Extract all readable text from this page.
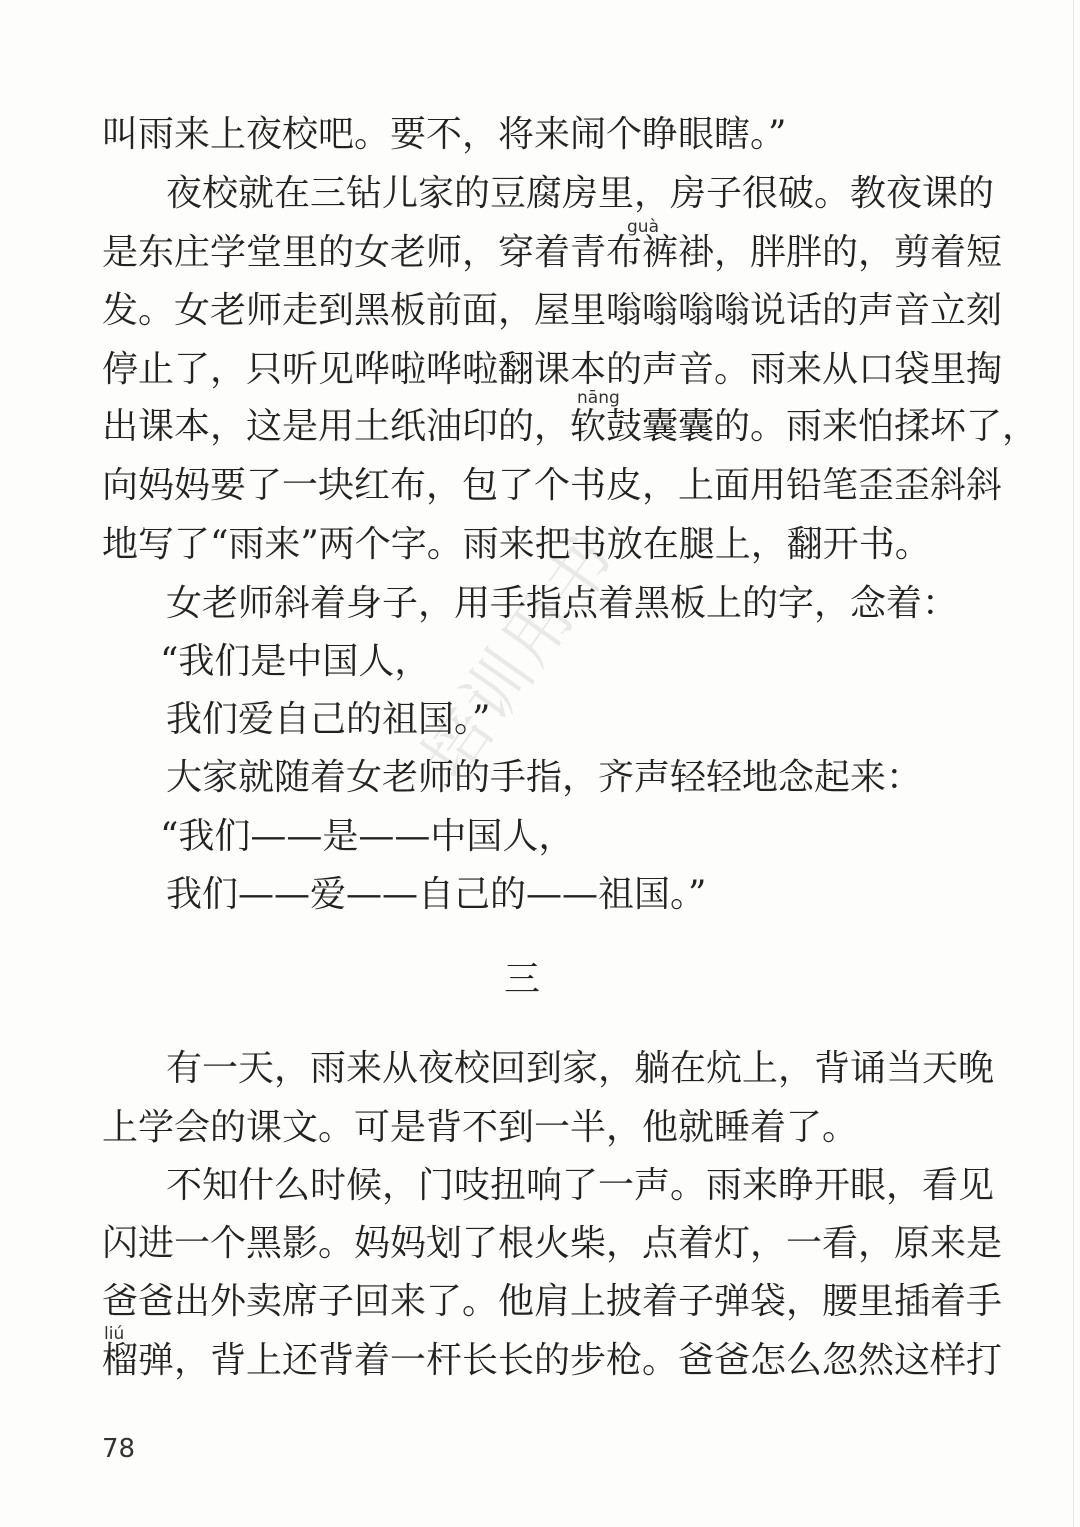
培训用书
guà
nāng
liú
叫雨来上夜校吧。要不，将来闹个睁眼瞎。”
夜校就在三钻儿家的豆腐房里，房子很破。教夜课的
是东庄学堂里的女老师，穿着青布裤褂，胖胖的，剪着短
发。女老师走到黑板前面，屋里嗡嗡嗡嗡说话的声音立刻
停止了，只听见哗啦哗啦翻课本的声音。雨来从口袋里掏
出课本，这是用土纸油印的，软鼓囊囊的。雨来怕揉坏了，
向妈妈要了一块红布，包了个书皮，上面用铅笔歪歪斜斜
地写了“雨来”两个字。雨来把书放在腿上，翻开书。
女老师斜着身子，用手指点着黑板上的字，念着：
“我们是中国人，
我们爱自己的祖国。”
大家就随着女老师的手指，齐声轻轻地念起来：
“我们——是——中国人，
我们——爱——自己的——祖国。”
三
有一天，雨来从夜校回到家，躺在炕上，背诵当天晚
上学会的课文。可是背不到一半，他就睡着了。
不知什么时候，门吱扭响了一声。雨来睁开眼，看见
闪进一个黑影。妈妈划了根火柴，点着灯，一看，原来是
爸爸出外卖席子回来了。他肩上披着子弹袋，腰里插着手
榴弹，背上还背着一杆长长的步枪。爸爸怎么忽然这样打
78
